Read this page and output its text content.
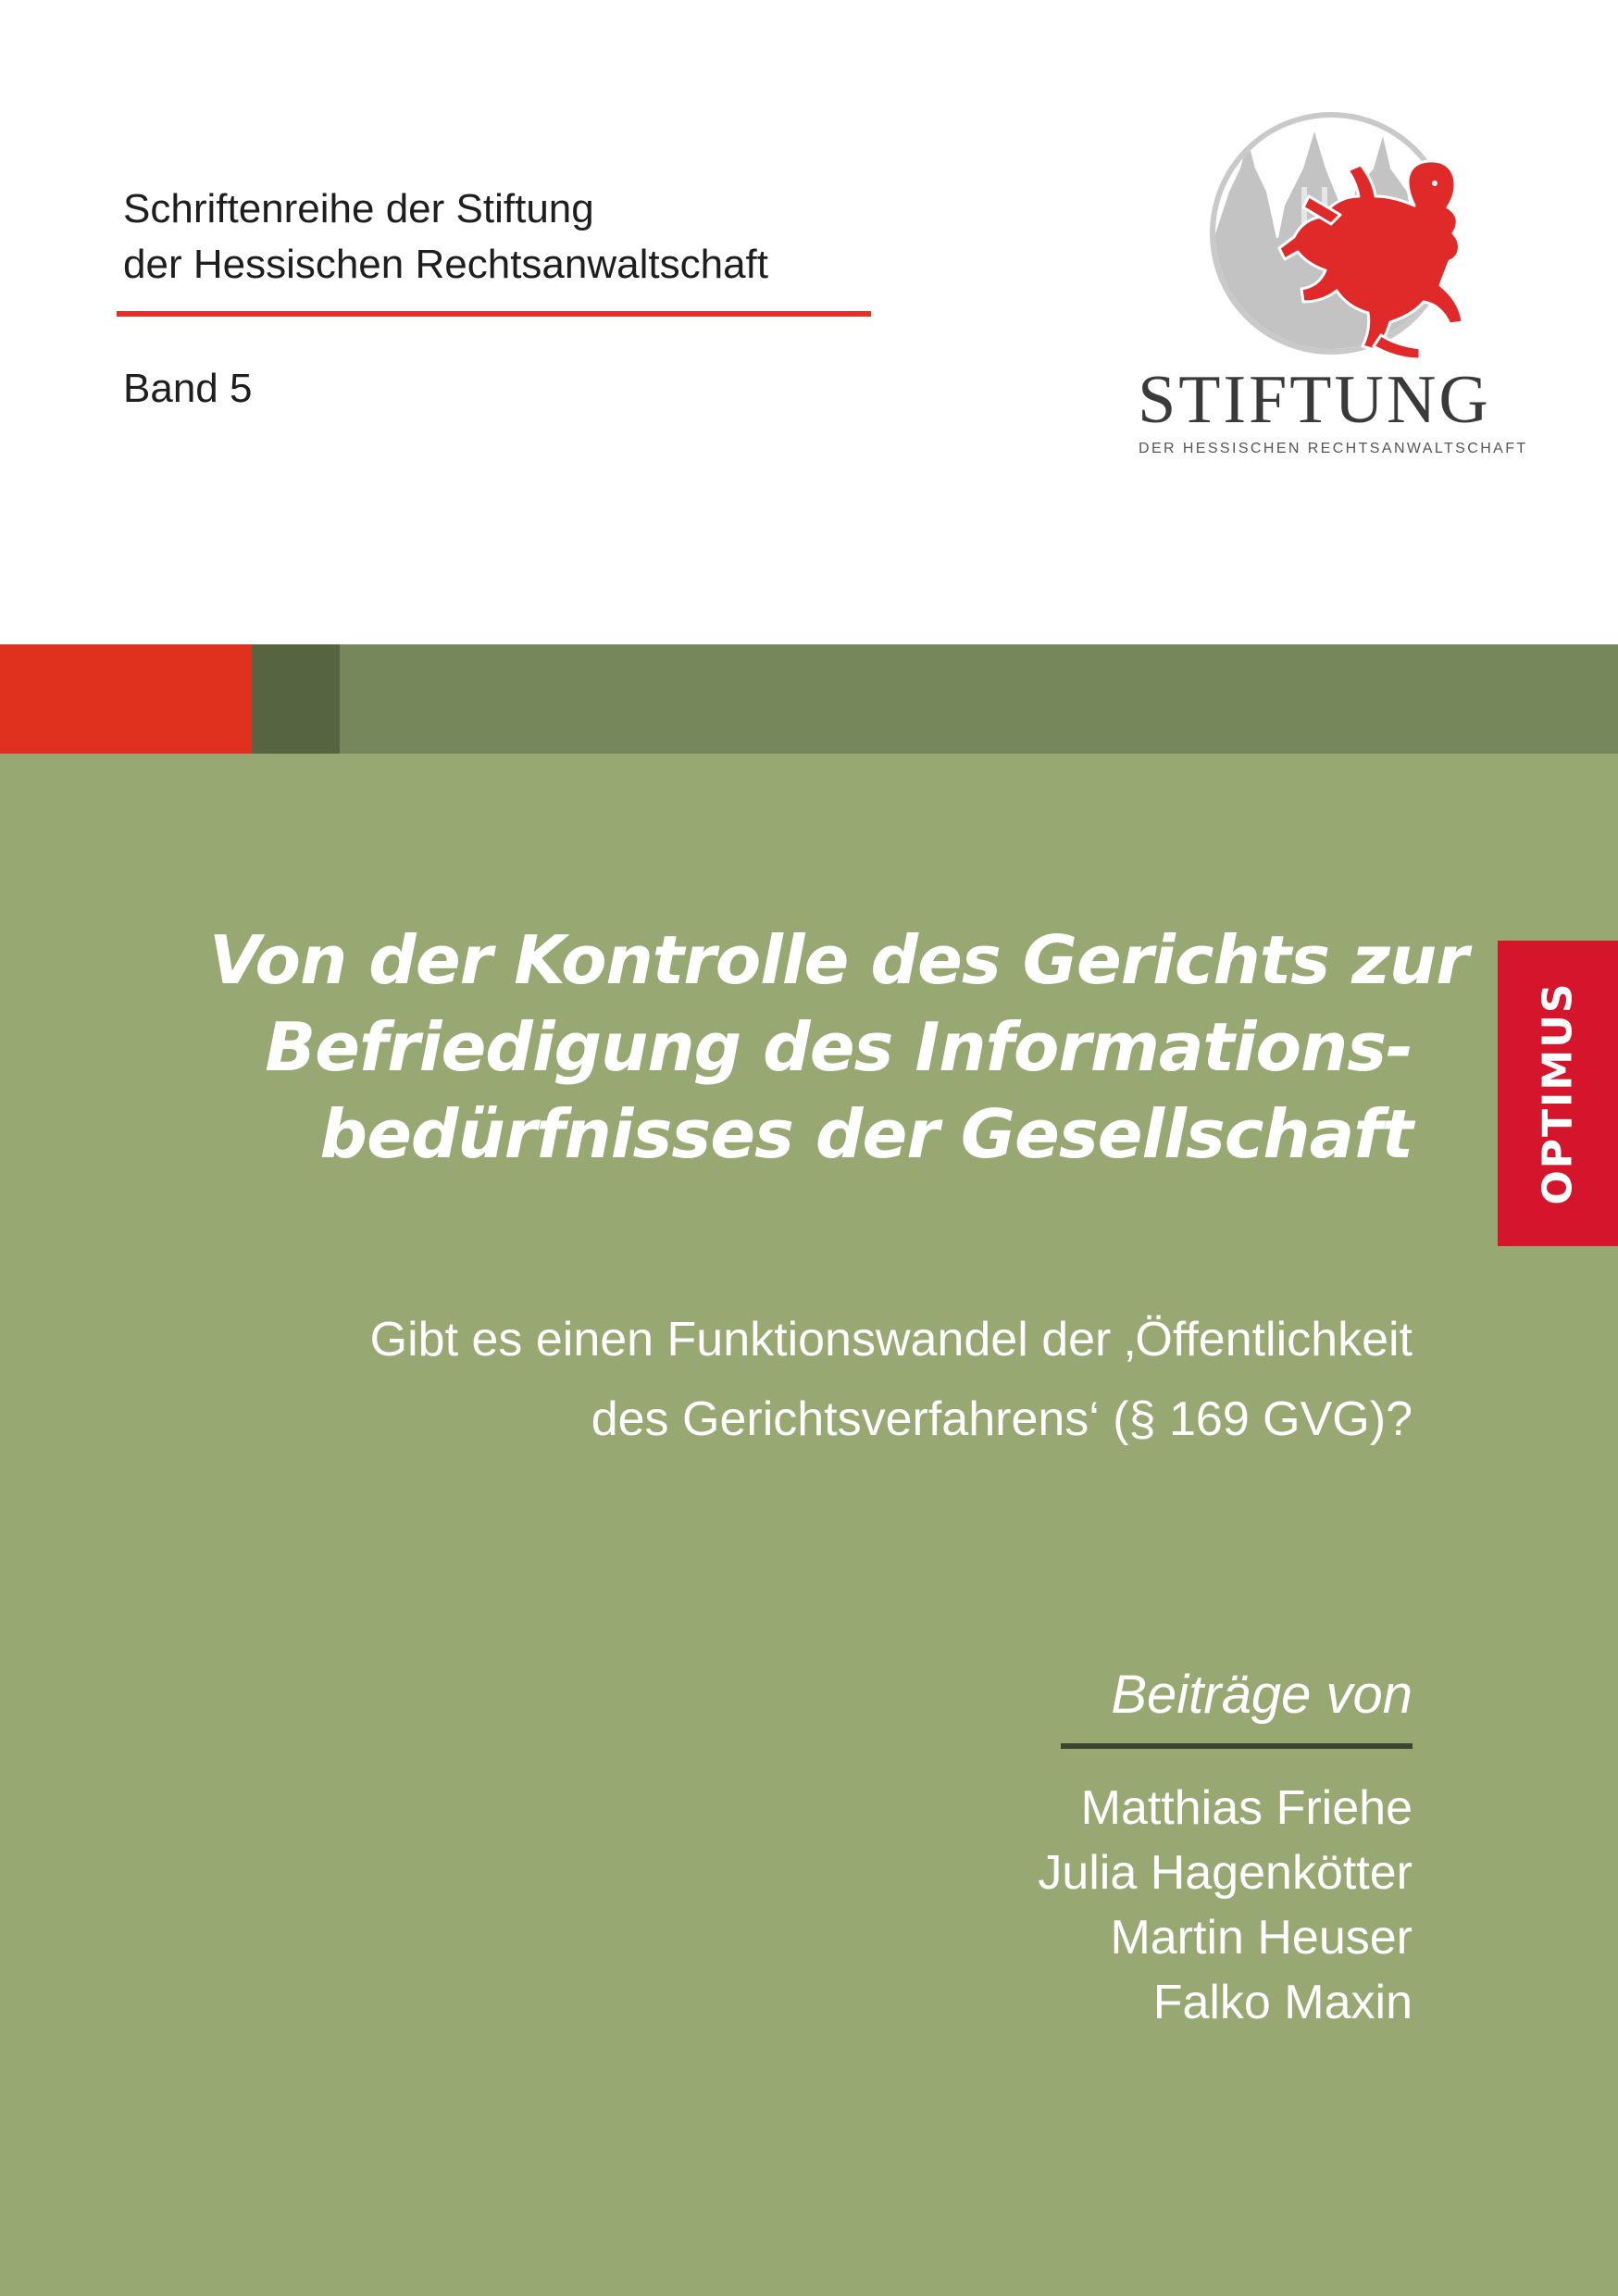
Schriftenreihe der Stiftung
der Hessischen Rechtsanwaltschaft
Band 5	STIFTUNG
DER HESSISCHEN RECHTSANWALTSCHAFT
Von der Kontrolle des Gerichts zur
Befriedigung des Informations-
bedürfnisses der Gesellschaft
Gibt es einen Funktionswandel der ‚Öffentlichkeit
des Gerichtsverfahrens‘ (§ 169 GVG)?
Beiträge von
Matthias Friehe
Julia Hagenkötter
Martin Heuser
Falko Maxin
OPTIMUS
